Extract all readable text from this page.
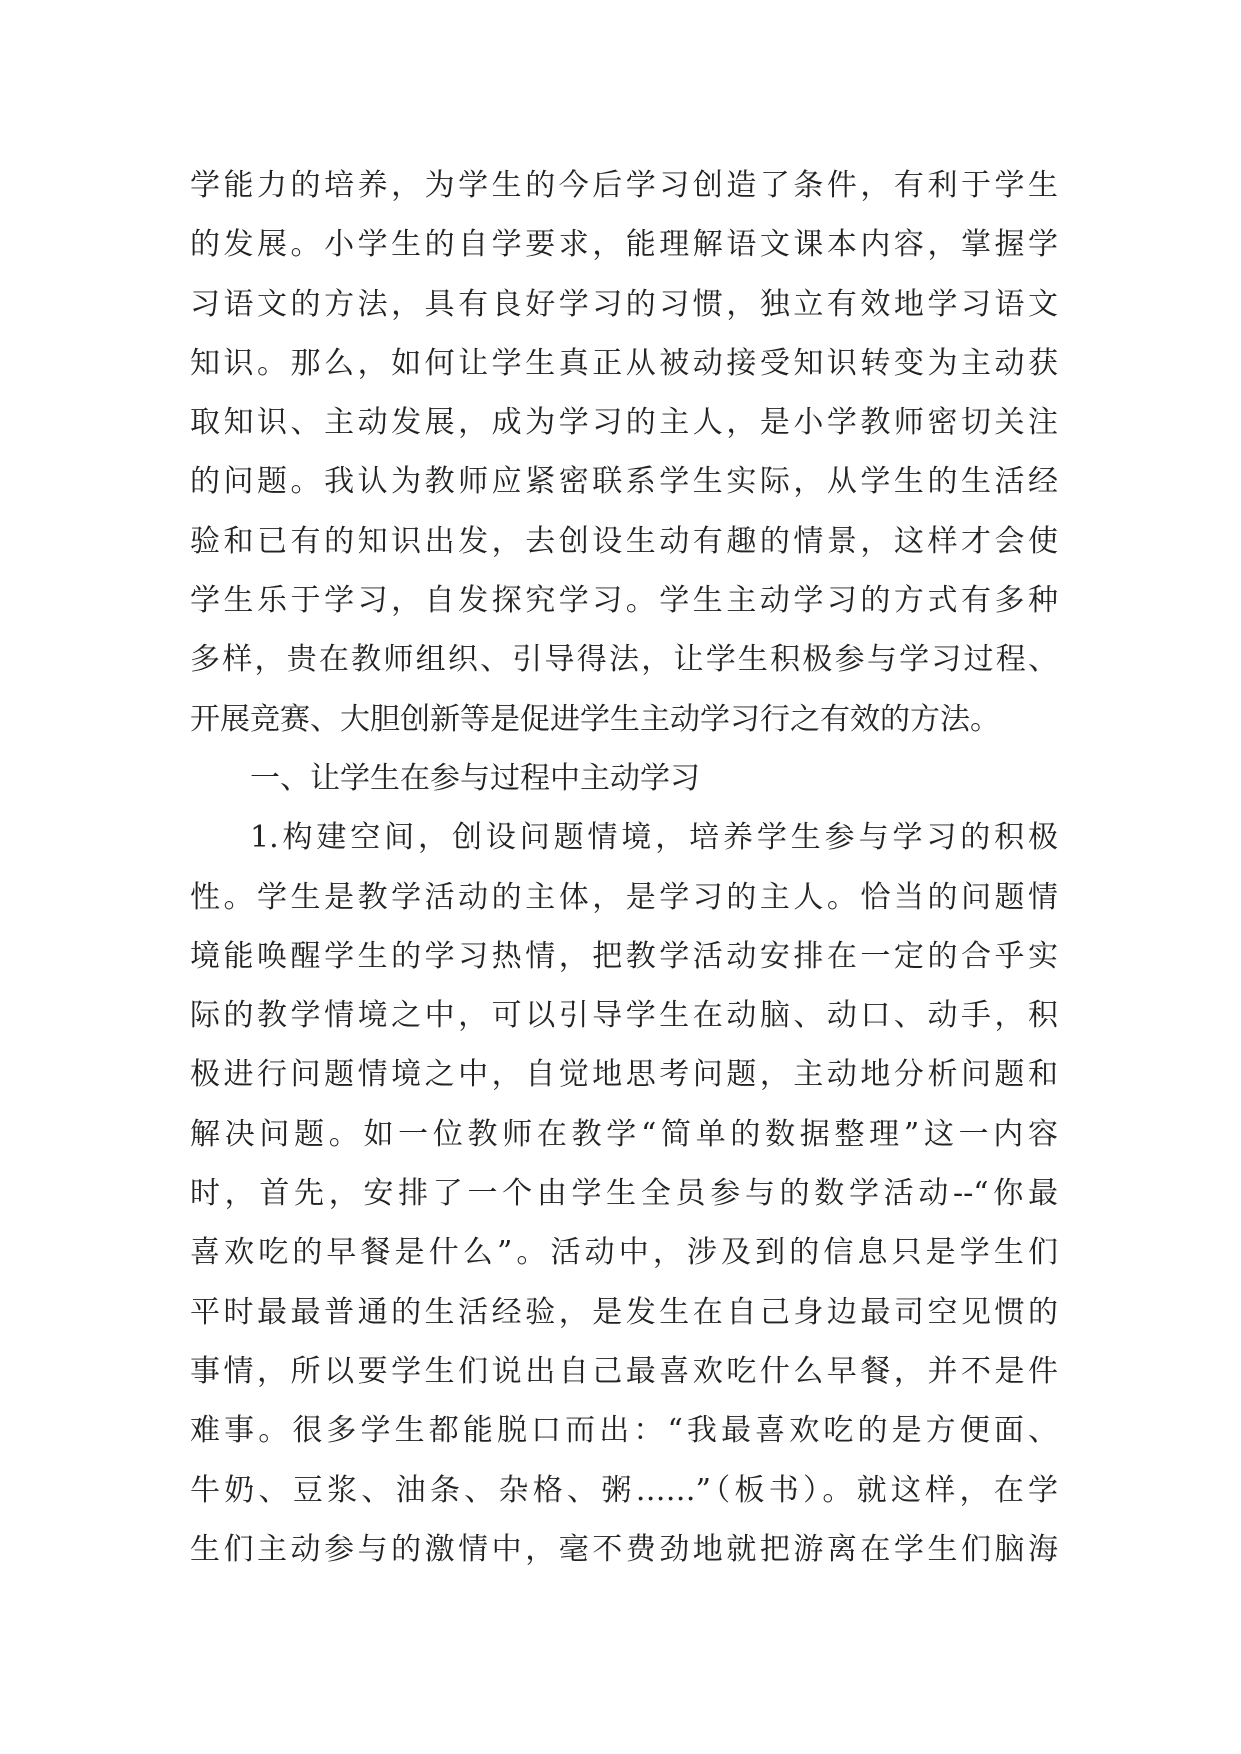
学能力的培养，为学生的今后学习创造了条件，有利于学生
的发展。小学生的自学要求，能理解语文课本内容，掌握学
习语文的方法，具有良好学习的习惯，独立有效地学习语文
知识。那么，如何让学生真正从被动接受知识转变为主动获
取知识、主动发展，成为学习的主人，是小学教师密切关注
的问题。我认为教师应紧密联系学生实际，从学生的生活经
验和已有的知识出发，去创设生动有趣的情景，这样才会使
学生乐于学习，自发探究学习。学生主动学习的方式有多种
多样，贵在教师组织、引导得法，让学生积极参与学习过程、
开展竞赛、大胆创新等是促进学生主动学习行之有效的方法。
一、让学生在参与过程中主动学习
1.构建空间，创设问题情境，培养学生参与学习的积极
性。学生是教学活动的主体，是学习的主人。恰当的问题情
境能唤醒学生的学习热情，把教学活动安排在一定的合乎实
际的教学情境之中，可以引导学生在动脑、动口、动手，积
极进行问题情境之中，自觉地思考问题，主动地分析问题和
解决问题。如一位教师在教学“简单的数据整理”这一内容
时，首先，安排了一个由学生全员参与的数学活动--“你最
喜欢吃的早餐是什么”。活动中，涉及到的信息只是学生们
平时最最普通的生活经验，是发生在自己身边最司空见惯的
事情，所以要学生们说出自己最喜欢吃什么早餐，并不是件
难事。很多学生都能脱口而出：“我最喜欢吃的是方便面、
牛奶、豆浆、油条、杂格、粥……”（板书）。就这样，在学
生们主动参与的激情中，毫不费劲地就把游离在学生们脑海
